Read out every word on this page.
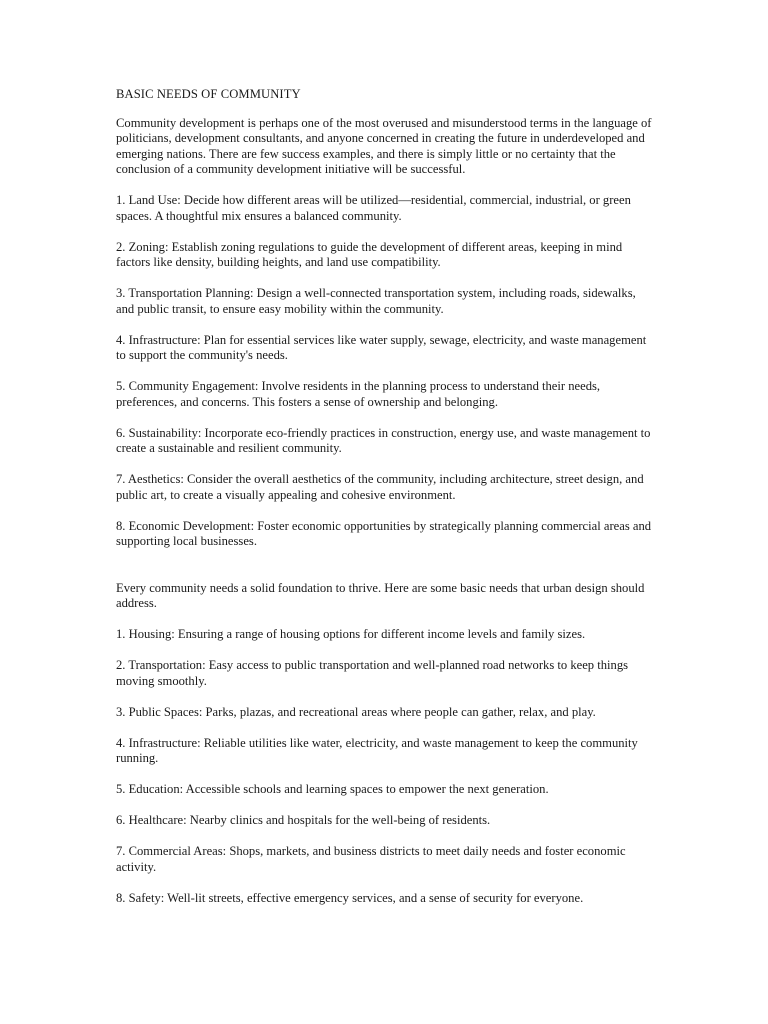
BASIC NEEDS OF COMMUNITY

Community development is perhaps one of the most overused and misunderstood terms in the language of politicians, development consultants, and anyone concerned in creating the future in underdeveloped and emerging nations. There are few success examples, and there is simply little or no certainty that the conclusion of a community development initiative will be successful.

1. Land Use: Decide how different areas will be utilized—residential, commercial, industrial, or green spaces. A thoughtful mix ensures a balanced community.
2. Zoning: Establish zoning regulations to guide the development of different areas, keeping in mind factors like density, building heights, and land use compatibility.
3. Transportation Planning: Design a well-connected transportation system, including roads, sidewalks, and public transit, to ensure easy mobility within the community.
4. Infrastructure: Plan for essential services like water supply, sewage, electricity, and waste management to support the community's needs.
5. Community Engagement: Involve residents in the planning process to understand their needs, preferences, and concerns. This fosters a sense of ownership and belonging.
6. Sustainability: Incorporate eco-friendly practices in construction, energy use, and waste management to create a sustainable and resilient community.
7. Aesthetics: Consider the overall aesthetics of the community, including architecture, street design, and public art, to create a visually appealing and cohesive environment.
8. Economic Development: Foster economic opportunities by strategically planning commercial areas and supporting local businesses.

Every community needs a solid foundation to thrive. Here are some basic needs that urban design should address.

1. Housing: Ensuring a range of housing options for different income levels and family sizes.
2. Transportation: Easy access to public transportation and well-planned road networks to keep things moving smoothly.
3. Public Spaces: Parks, plazas, and recreational areas where people can gather, relax, and play.
4. Infrastructure: Reliable utilities like water, electricity, and waste management to keep the community running.
5. Education: Accessible schools and learning spaces to empower the next generation.
6. Healthcare: Nearby clinics and hospitals for the well-being of residents.
7. Commercial Areas: Shops, markets, and business districts to meet daily needs and foster economic activity.
8. Safety: Well-lit streets, effective emergency services, and a sense of security for everyone.
